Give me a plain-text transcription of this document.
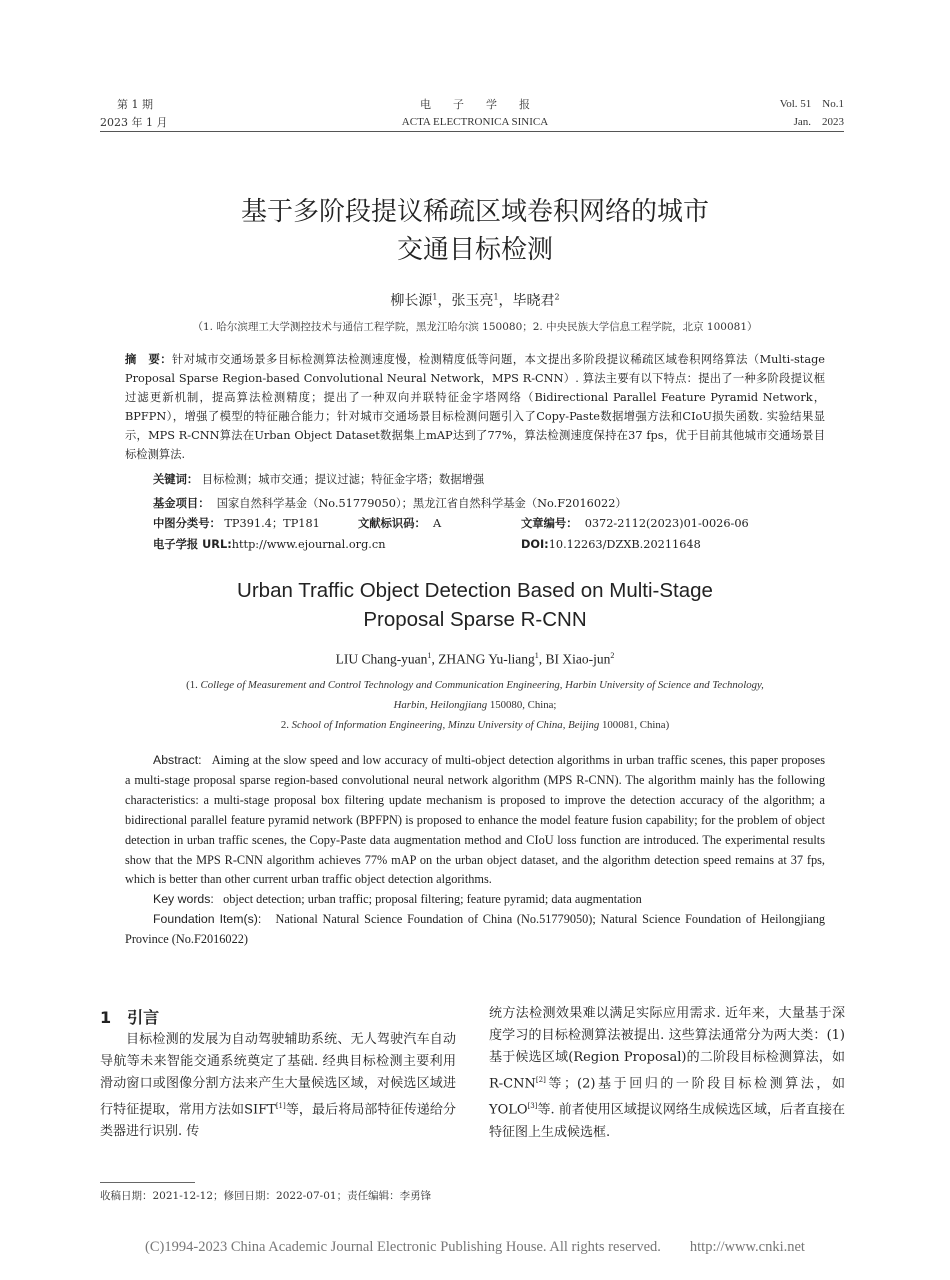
第 1 期
2023 年 1 月
电　　子　　学　　报
ACTA ELECTRONICA SINICA
Vol. 51　No.1
Jan.　2023
基于多阶段提议稀疏区域卷积网络的城市
交通目标检测
柳长源$^1$，张玉亮$^1$，毕晓君$^2$
（1. 哈尔滨理工大学测控技术与通信工程学院，黑龙江哈尔滨 150080；2. 中央民族大学信息工程学院，北京 100081）
摘　要：针对城市交通场景多目标检测算法检测速度慢，检测精度低等问题，本文提出多阶段提议稀疏区域卷积网络算法（Multi-stage Proposal Sparse Region-based Convolutional Neural Network，MPS R-CNN）. 算法主要有以下特点：提出了一种多阶段提议框过滤更新机制，提高算法检测精度；提出了一种双向并联特征金字塔网络（Bidirectional Parallel Feature Pyramid Network，BPFPN），增强了模型的特征融合能力；针对城市交通场景目标检测问题引入了Copy-Paste数据增强方法和CIoU损失函数. 实验结果显示，MPS R-CNN算法在Urban Object Dataset数据集上mAP达到了77%，算法检测速度保持在37 fps，优于目前其他城市交通场景目标检测算法.
关键词： 目标检测；城市交通；提议过滤；特征金字塔；数据增强
基金项目： 国家自然科学基金（No.51779050）；黑龙江省自然科学基金（No.F2016022）
中图分类号： TP391.4；TP181	文献标识码： A	文章编号： 0372-2112(2023)01-0026-06
电子学报 URL:http://www.ejournal.org.cn	DOI:10.12263/DZXB.20211648
Urban Traffic Object Detection Based on Multi-Stage
Proposal Sparse R-CNN
LIU Chang-yuan$^1$, ZHANG Yu-liang$^1$, BI Xiao-jun$^2$
(1. College of Measurement and Control Technology and Communication Engineering, Harbin University of Science and Technology,
Harbin, Heilongjiang 150080, China;
2. School of Information Engineering, Minzu University of China, Beijing 100081, China)
Abstract: Aiming at the slow speed and low accuracy of multi-object detection algorithms in urban traffic scenes, this paper proposes a multi-stage proposal sparse region-based convolutional neural network algorithm (MPS R-CNN). The algorithm mainly has the following characteristics: a multi-stage proposal box filtering update mechanism is proposed to improve the detection accuracy of the algorithm; a bidirectional parallel feature pyramid network (BPFPN) is proposed to enhance the model feature fusion capability; for the problem of object detection in urban traffic scenes, the Copy-Paste data augmentation method and CIoU loss function are introduced. The experimental results show that the MPS R-CNN algorithm achieves 77% mAP on the urban object dataset, and the algorithm detection speed remains at 37 fps, which is better than other current urban traffic object detection algorithms.
Key words: object detection; urban traffic; proposal filtering; feature pyramid; data augmentation
Foundation Item(s): National Natural Science Foundation of China (No.51779050); Natural Science Foundation of Heilongjiang Province (No.F2016022)
1　引言
目标检测的发展为自动驾驶辅助系统、无人驾驶汽车自动导航等未来智能交通系统奠定了基础. 经典目标检测主要利用滑动窗口或图像分割方法来产生大量候选区域，对候选区域进行特征提取，常用方法如SIFT[1]等，最后将局部特征传递给分类器进行识别. 传
统方法检测效果难以满足实际应用需求. 近年来，大量基于深度学习的目标检测算法被提出. 这些算法通常分为两大类：(1)基于候选区域(Region Proposal)的二阶段目标检测算法，如R-CNN[2]等；(2)基于回归的一阶段目标检测算法，如YOLO[3]等. 前者使用区域提议网络生成候选区域，后者直接在特征图上生成候选框.
收稿日期：2021-12-12；修回日期：2022-07-01；责任编辑：李勇锋
(C)1994-2023 China Academic Journal Electronic Publishing House. All rights reserved.　　http://www.cnki.net
